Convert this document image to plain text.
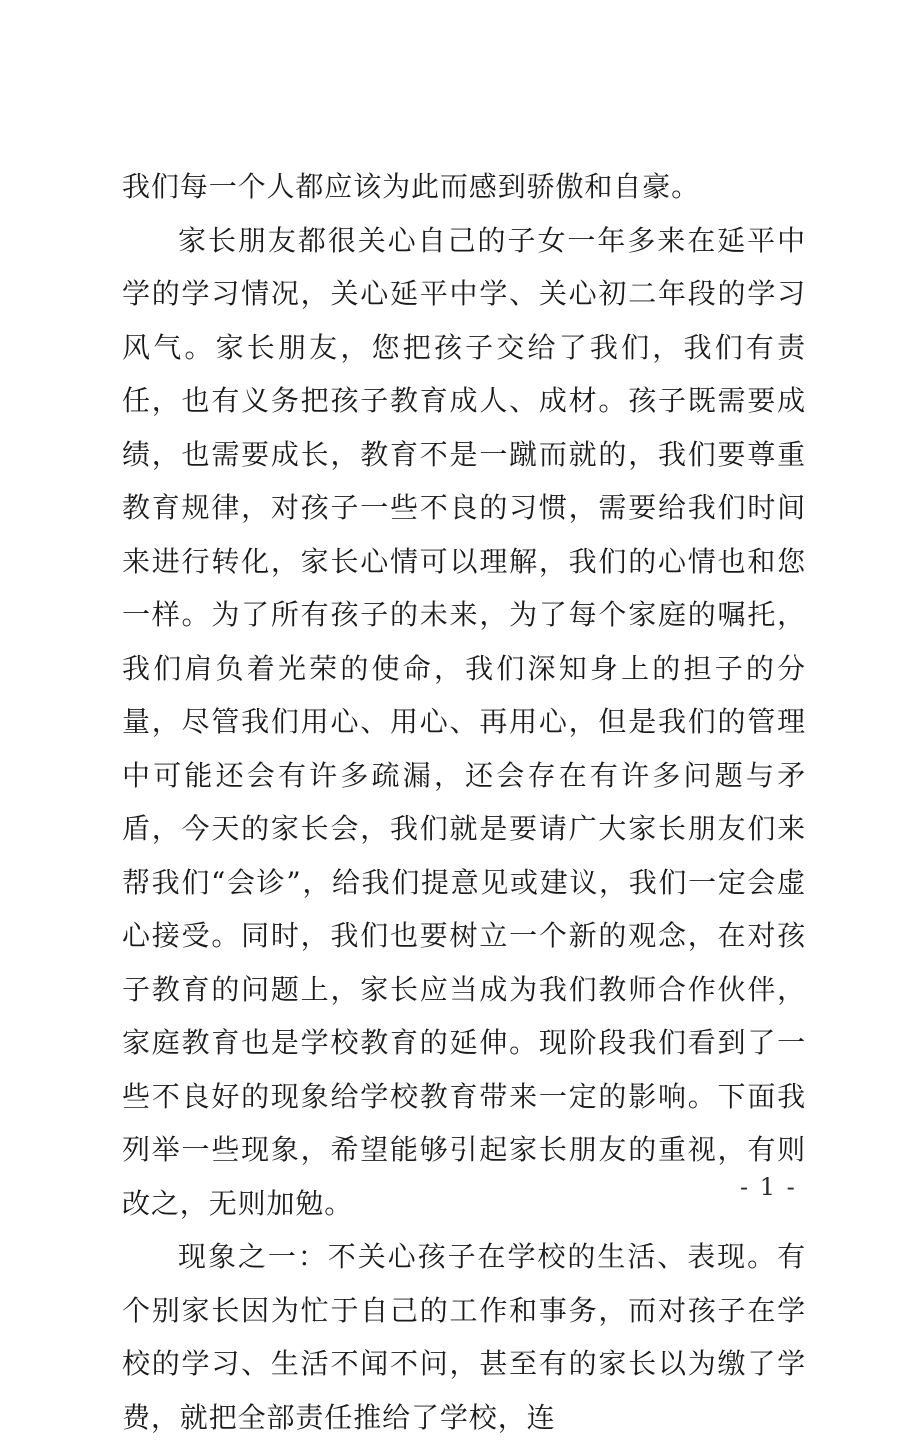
我们每一个人都应该为此而感到骄傲和自豪。

家长朋友都很关心自己的子女一年多来在延平中学的学习情况，关心延平中学、关心初二年段的学习风气。家长朋友，您把孩子交给了我们，我们有责任，也有义务把孩子教育成人、成材。孩子既需要成绩，也需要成长，教育不是一蹴而就的，我们要尊重教育规律，对孩子一些不良的习惯，需要给我们时间来进行转化，家长心情可以理解，我们的心情也和您一样。为了所有孩子的未来，为了每个家庭的嘱托，我们肩负着光荣的使命，我们深知身上的担子的分量，尽管我们用心、用心、再用心，但是我们的管理中可能还会有许多疏漏，还会存在有许多问题与矛盾，今天的家长会，我们就是要请广大家长朋友们来帮我们“会诊”，给我们提意见或建议，我们一定会虚心接受。同时，我们也要树立一个新的观念，在对孩子教育的问题上，家长应当成为我们教师合作伙伴，家庭教育也是学校教育的延伸。现阶段我们看到了一些不良好的现象给学校教育带来一定的影响。下面我列举一些现象，希望能够引起家长朋友的重视，有则改之，无则加勉。

现象之一：不关心孩子在学校的生活、表现。有个别家长因为忙于自己的工作和事务，而对孩子在学校的学习、生活不闻不问，甚至有的家长以为缴了学费，就把全部责任推给了学校，连

- 1 -
